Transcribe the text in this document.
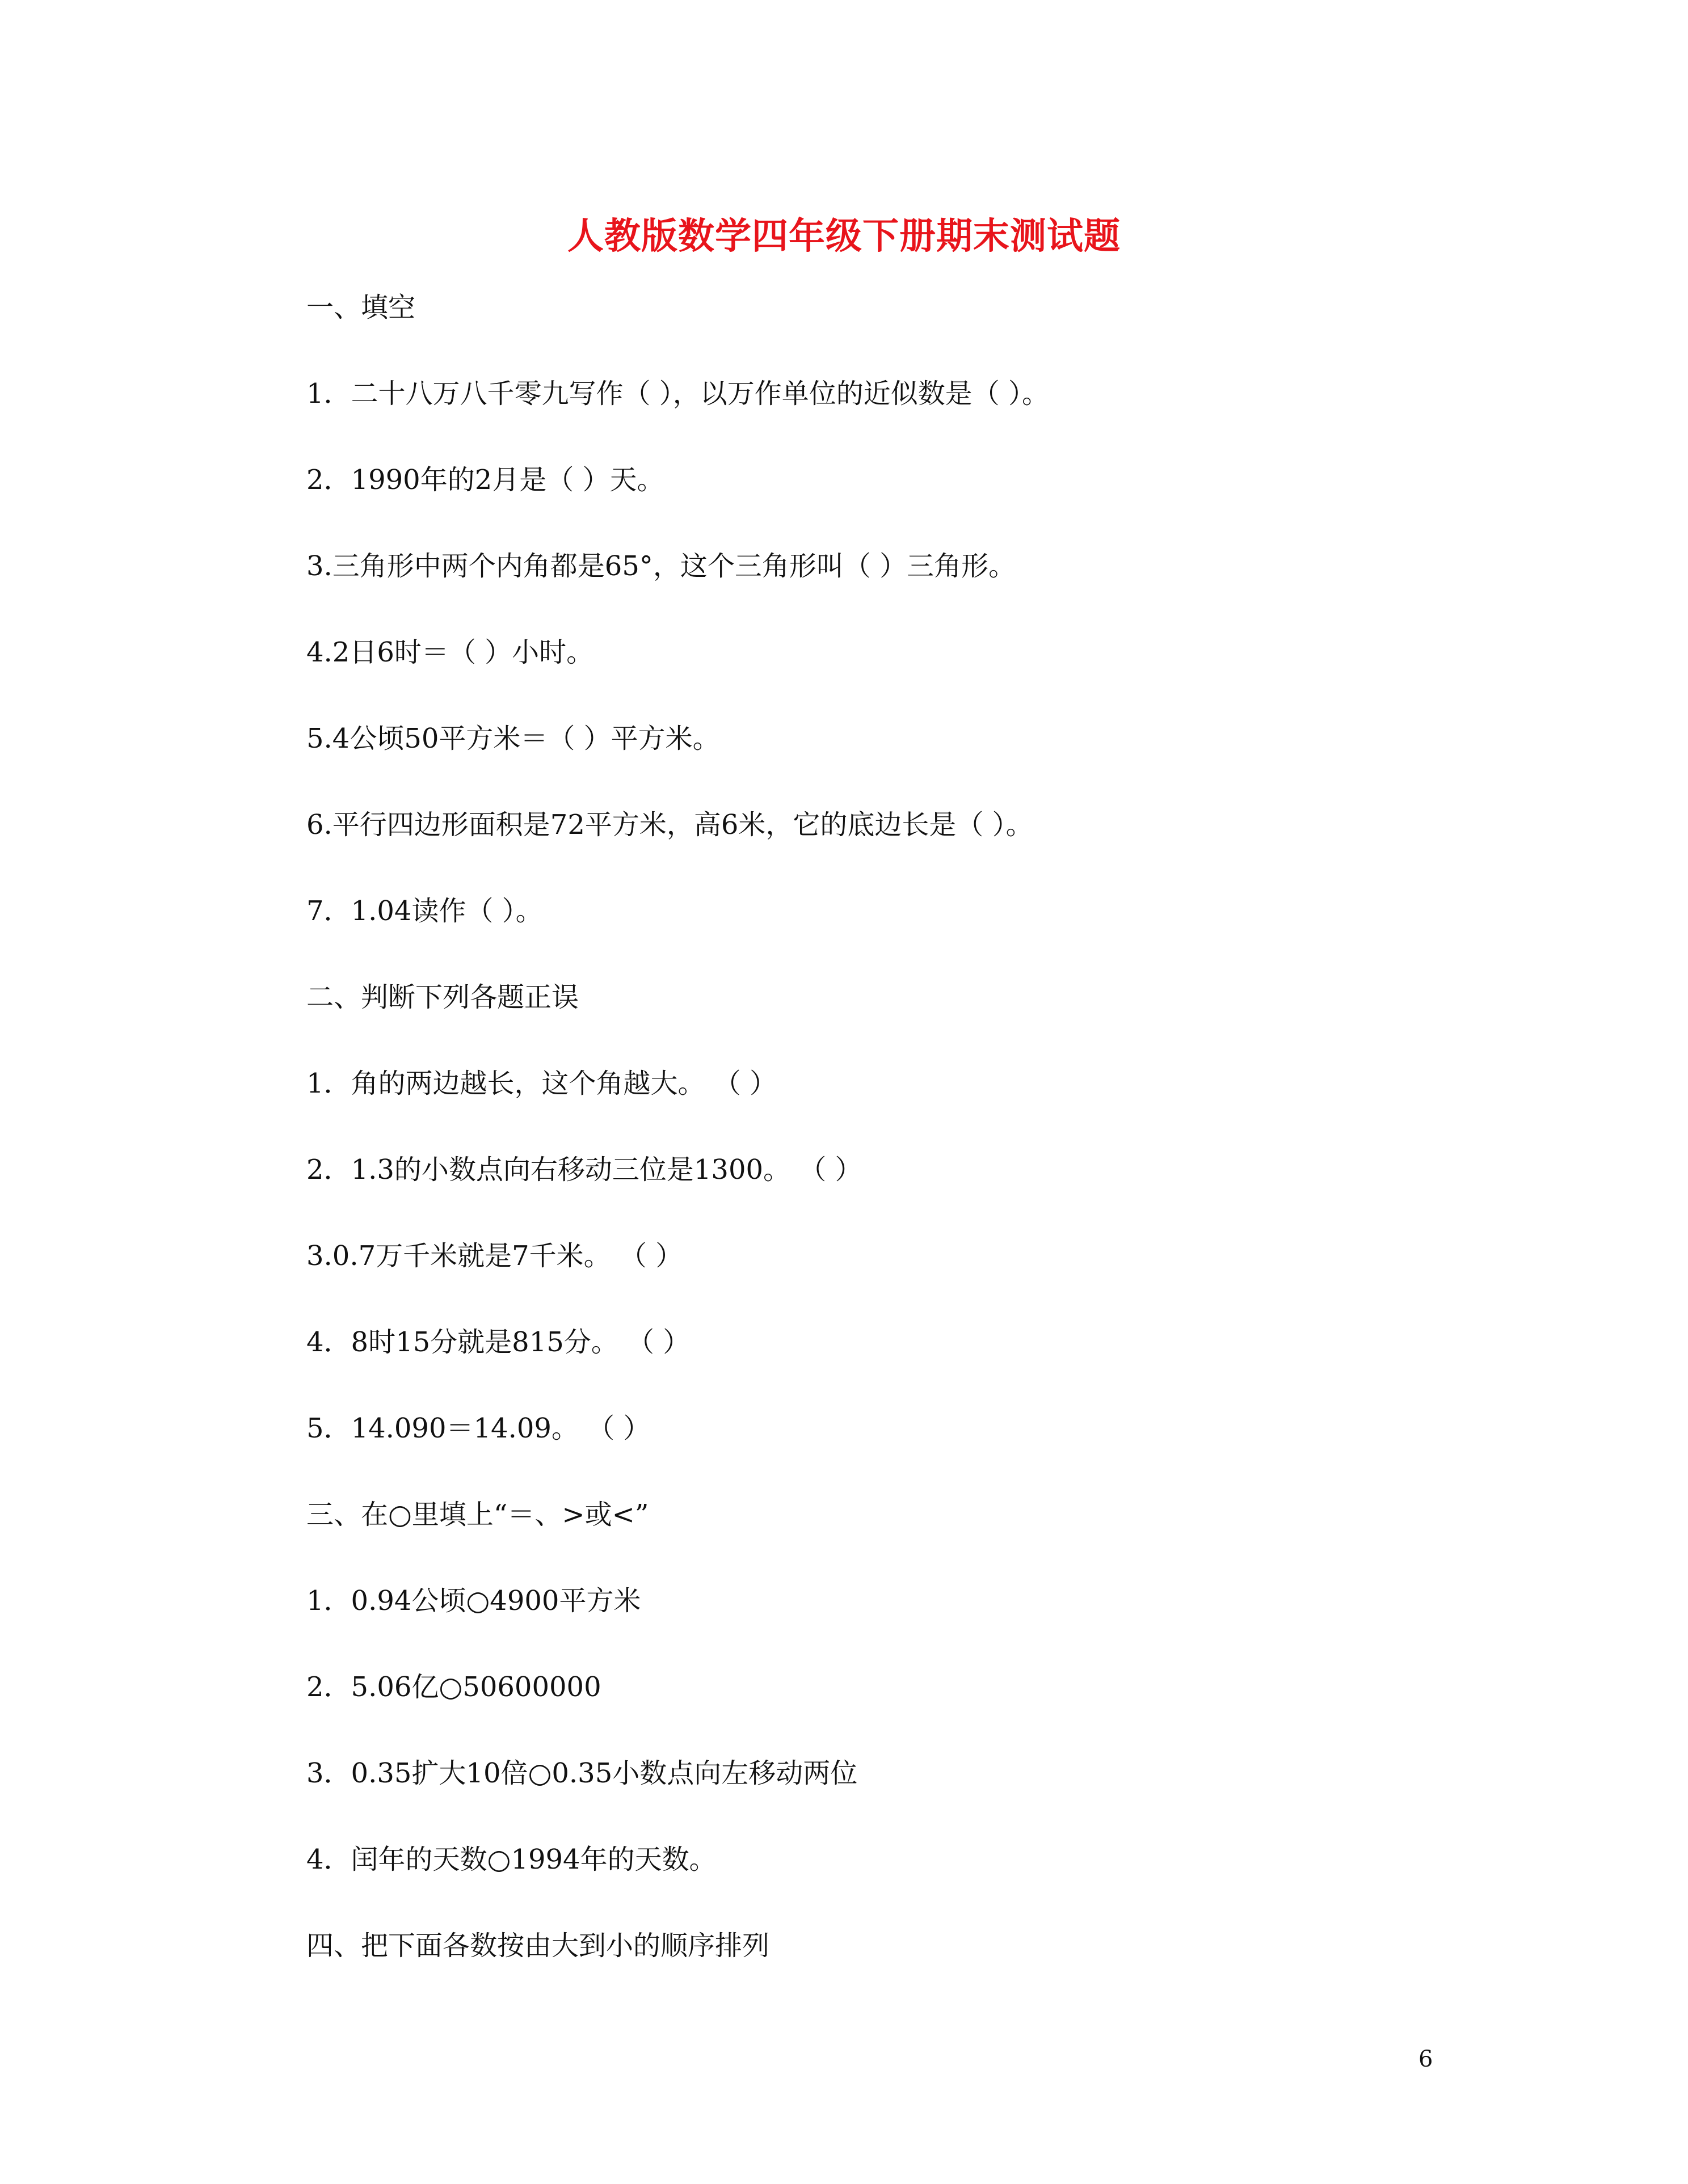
人教版数学四年级下册期末测试题
一、填空
1．二十八万八千零九写作（ ），以万作单位的近似数是（ ）。
2．1990年的2月是（ ）天。
3.三角形中两个内角都是65°，这个三角形叫（ ）三角形。
4.2日6时＝（ ）小时。
5.4公顷50平方米＝（ ）平方米。
6.平行四边形面积是72平方米，高6米，它的底边长是（ ）。
7．1.04读作（ ）。
二、判断下列各题正误
1．角的两边越长，这个角越大。 （ ）
2．1.3的小数点向右移动三位是1300。 （ ）
3.0.7万千米就是7千米。 （ ）
4．8时15分就是815分。 （ ）
5．14.090＝14.09。 （ ）
三、在○里填上“＝、>或<”
1．0.94公顷○4900平方米
2．5.06亿○50600000
3．0.35扩大10倍○0.35小数点向左移动两位
4．闰年的天数○1994年的天数。
四、把下面各数按由大到小的顺序排列
6
